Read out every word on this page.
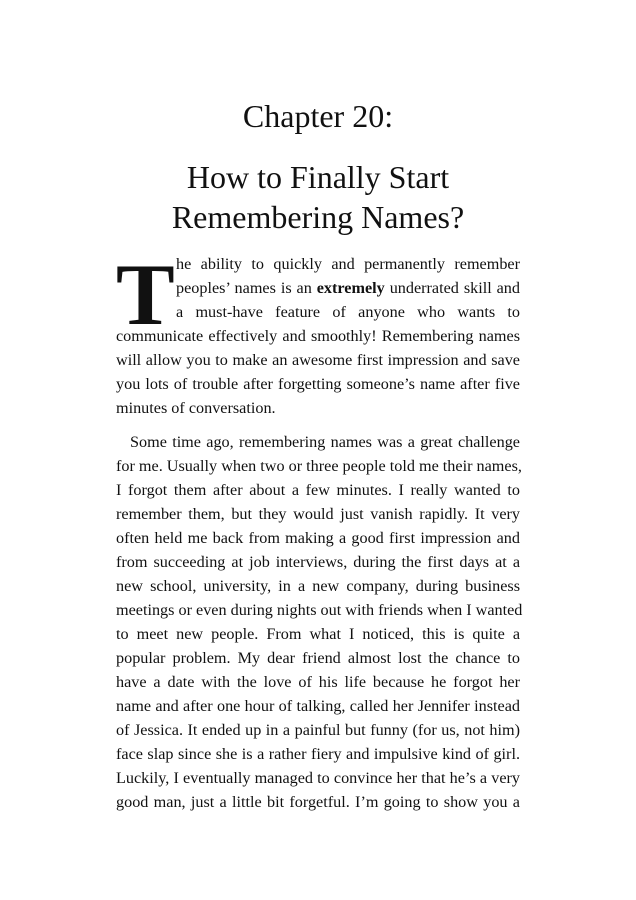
Chapter 20:
How to Finally Start
Remembering Names?
T he ability to quickly and permanently remember
peoples’ names is an extremely underrated skill and
a must-have feature of anyone who wants to
communicate effectively and smoothly! Remembering names
will allow you to make an awesome first impression and save
you lots of trouble after forgetting someone’s name after five
minutes of conversation.
Some time ago, remembering names was a great challenge
for me. Usually when two or three people told me their names,
I forgot them after about a few minutes. I really wanted to
remember them, but they would just vanish rapidly. It very
often held me back from making a good first impression and
from succeeding at job interviews, during the first days at a
new school, university, in a new company, during business
meetings or even during nights out with friends when I wanted
to meet new people. From what I noticed, this is quite a
popular problem. My dear friend almost lost the chance to
have a date with the love of his life because he forgot her
name and after one hour of talking, called her Jennifer instead
of Jessica. It ended up in a painful but funny (for us, not him)
face slap since she is a rather fiery and impulsive kind of girl.
Luckily, I eventually managed to convince her that he’s a very
good man, just a little bit forgetful. I’m going to show you a
